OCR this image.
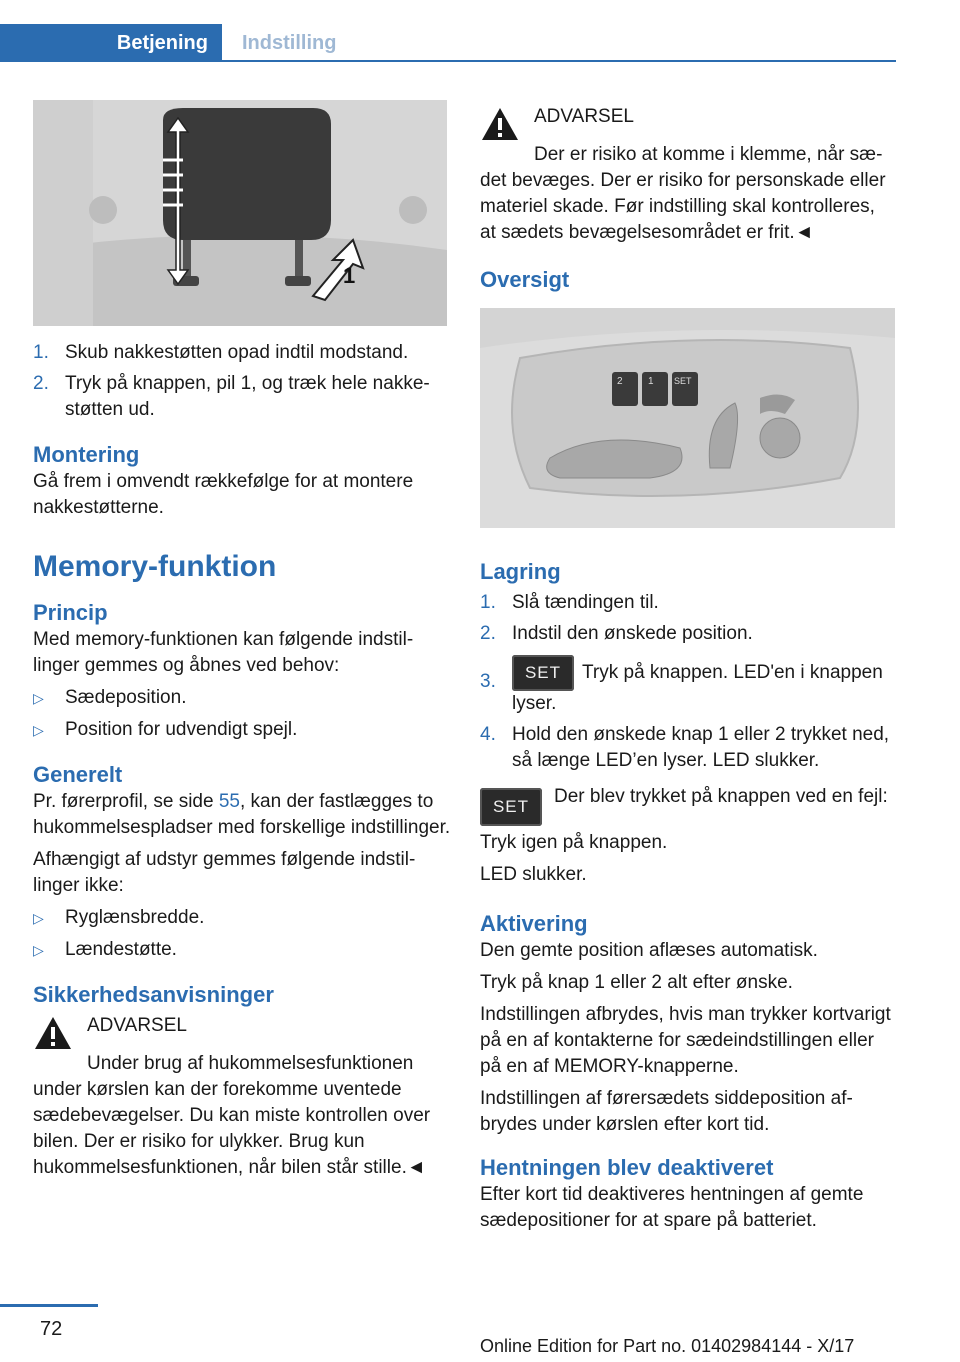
Betjening	Indstilling
1
1. Skub nakkestøtten opad indtil modstand.
2. Tryk på knappen, pil 1, og træk hele nakkestøtten ud.
Montering

Gå frem i omvendt rækkefølge for at montere nakkestøtterne.

Memory-funktion
Princip

Med memory-funktionen kan følgende indstillinger gemmes og åbnes ved behov:

▷	Sædeposition.
▷	Position for udvendigt spejl.
Generelt

Pr. førerprofil, se side 55, kan der fastlægges to hukommelsespladser med forskellige indstillinger.

Afhængigt af udstyr gemmes følgende indstillinger ikke:

▷	Ryglænsbredde.
▷	Lændestøtte.
Sikkerhedsanvisninger
ADVARSEL

Under brug af hukommelsesfunktionen under kørslen kan der forekomme uventede sædebevægelser. Du kan miste kontrollen over bilen. Der er risiko for ulykker. Brug kun hukommelsesfunktionen, når bilen står stille.◄

ADVARSEL

Der er risiko at komme i klemme, når sædet bevæges. Der er risiko for personskade eller materiel skade. Før indstilling skal kontrolleres, at sædets bevægelsesområdet er frit.◄

Oversigt
2	1 SET
Lagring
1. Slå tændingen til.
2. Indstil den ønskede position.
3.	SET Tryk på knappen. LED'en i knappen lyser.
4. Hold den ønskede knap 1 eller 2 trykket ned, så længe LED’en lyser. LED slukker.
SET	Der blev trykket på knappen ved en fejl:

Tryk igen på knappen.

LED slukker.

Aktivering

Den gemte position aflæses automatisk.

Tryk på knap 1 eller 2 alt efter ønske.

Indstillingen afbrydes, hvis man trykker kortvarigt på en af kontakterne for sædeindstillingen eller på en af MEMORY-knapperne.

Indstillingen af førersædets siddeposition afbrydes under kørslen efter kort tid.

Hentningen blev deaktiveret

Efter kort tid deaktiveres hentningen af gemte sædepositioner for at spare på batteriet.

72
Online Edition for Part no. 01402984144 - X/17
